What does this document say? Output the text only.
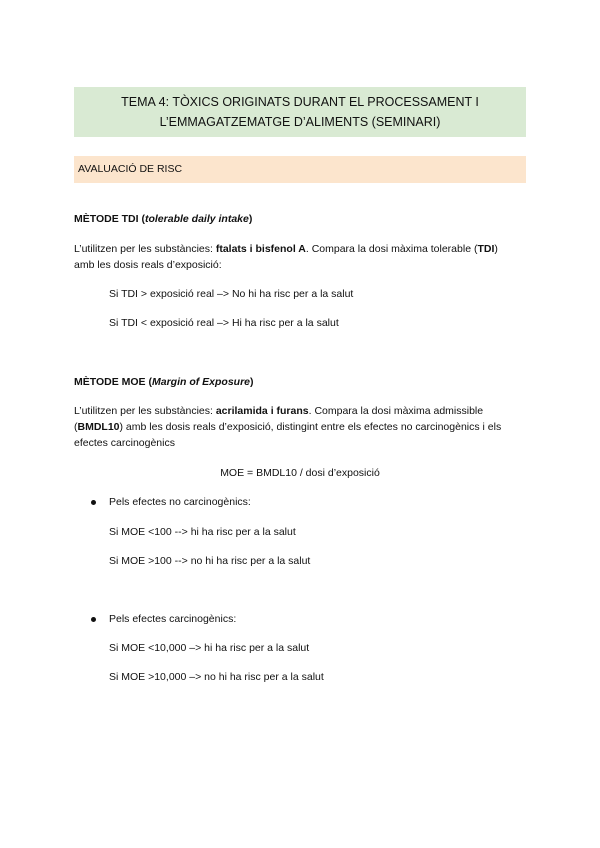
TEMA 4: TÒXICS ORIGINATS DURANT EL PROCESSAMENT I
L’EMMAGATZEMATGE D’ALIMENTS (SEMINARI)
AVALUACIÓ DE RISC
MÈTODE TDI (tolerable daily intake)
L’utilitzen per les substàncies: ftalats i bisfenol A. Compara la dosi màxima tolerable (TDI)
amb les dosis reals d’exposició:
Si TDI > exposició real –> No hi ha risc per a la salut
Si TDI < exposició real –> Hi ha risc per a la salut
MÈTODE MOE (Margin of Exposure)
L’utilitzen per les substàncies: acrilamida i furans. Compara la dosi màxima admissible
(BMDL10) amb les dosis reals d’exposició, distingint entre els efectes no carcinogènics i els
efectes carcinogènics
MOE = BMDL10 / dosi d’exposició
Pels efectes no carcinogènics:
Si MOE <100 --> hi ha risc per a la salut
Si MOE >100 --> no hi ha risc per a la salut
Pels efectes carcinogènics:
Si MOE <10,000 –> hi ha risc per a la salut
Si MOE >10,000 –> no hi ha risc per a la salut
